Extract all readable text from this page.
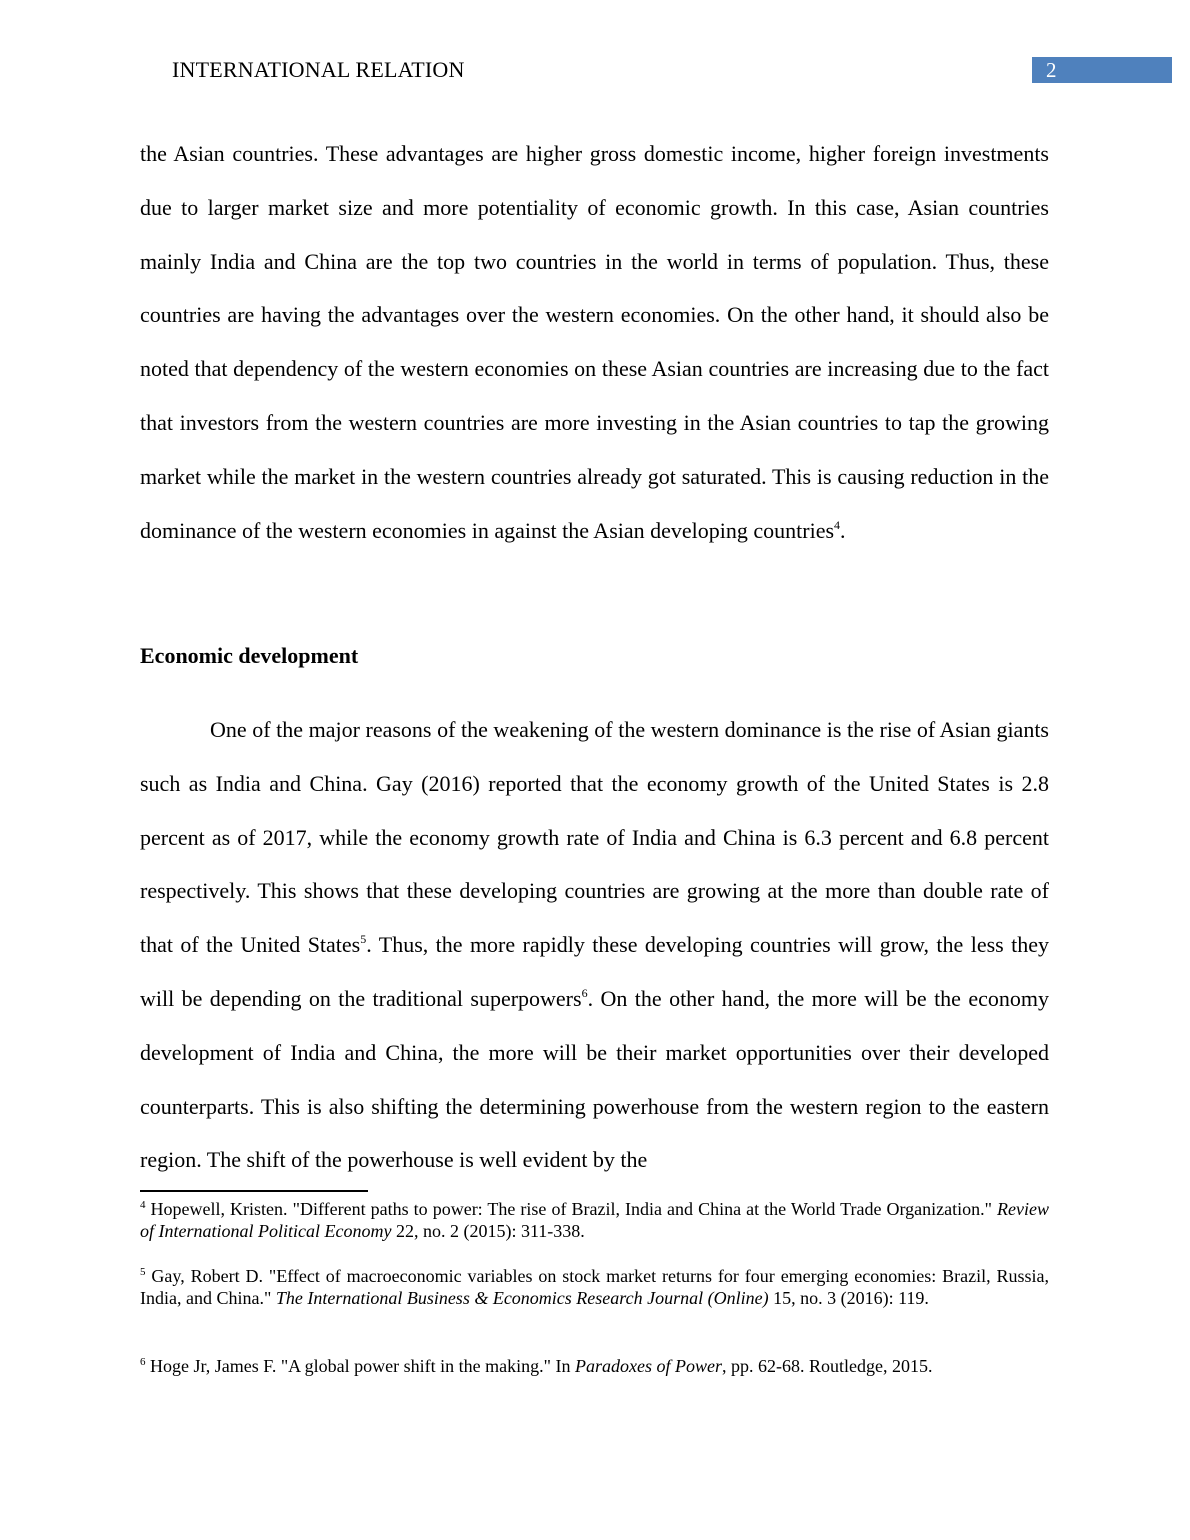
INTERNATIONAL RELATION	2
the Asian countries. These advantages are higher gross domestic income, higher foreign investments due to larger market size and more potentiality of economic growth. In this case, Asian countries mainly India and China are the top two countries in the world in terms of population. Thus, these countries are having the advantages over the western economies. On the other hand, it should also be noted that dependency of the western economies on these Asian countries are increasing due to the fact that investors from the western countries are more investing in the Asian countries to tap the growing market while the market in the western countries already got saturated. This is causing reduction in the dominance of the western economies in against the Asian developing countries$^4$.
Economic development
One of the major reasons of the weakening of the western dominance is the rise of Asian giants such as India and China. Gay (2016) reported that the economy growth of the United States is 2.8 percent as of 2017, while the economy growth rate of India and China is 6.3 percent and 6.8 percent respectively. This shows that these developing countries are growing at the more than double rate of that of the United States$^5$. Thus, the more rapidly these developing countries will grow, the less they will be depending on the traditional superpowers$^6$. On the other hand, the more will be the economy development of India and China, the more will be their market opportunities over their developed counterparts. This is also shifting the determining powerhouse from the western region to the eastern region. The shift of the powerhouse is well evident by the
$^4$ Hopewell, Kristen. "Different paths to power: The rise of Brazil, India and China at the World Trade Organization." Review of International Political Economy 22, no. 2 (2015): 311-338.
$^5$ Gay, Robert D. "Effect of macroeconomic variables on stock market returns for four emerging economies: Brazil, Russia, India, and China." The International Business & Economics Research Journal (Online) 15, no. 3 (2016): 119.
$^6$ Hoge Jr, James F. "A global power shift in the making." In Paradoxes of Power, pp. 62-68. Routledge, 2015.
